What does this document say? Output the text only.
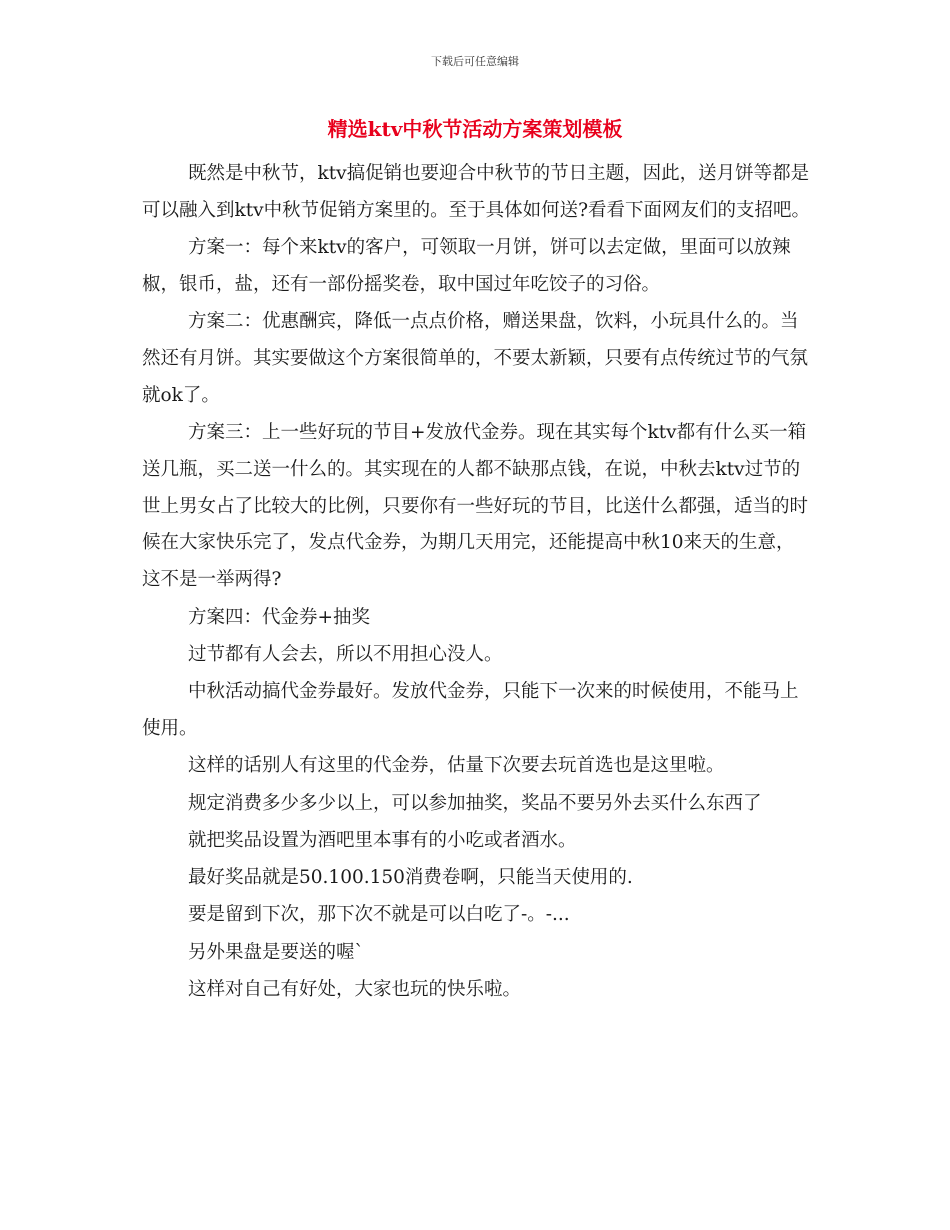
下载后可任意编辑
精选ktv中秋节活动方案策划模板

既然是中秋节，ktv搞促销也要迎合中秋节的节日主题，因此，送月饼等都是可以融入到ktv中秋节促销方案里的。至于具体如何送?看看下面网友们的支招吧。

方案一：每个来ktv的客户，可领取一月饼，饼可以去定做，里面可以放辣椒，银币，盐，还有一部份摇奖卷，取中国过年吃饺子的习俗。

方案二：优惠酬宾，降低一点点价格，赠送果盘，饮料，小玩具什么的。当然还有月饼。其实要做这个方案很简单的，不要太新颖，只要有点传统过节的气氛就ok了。

方案三：上一些好玩的节目+发放代金券。现在其实每个ktv都有什么买一箱送几瓶，买二送一什么的。其实现在的人都不缺那点钱，在说，中秋去ktv过节的世上男女占了比较大的比例，只要你有一些好玩的节目，比送什么都强，适当的时候在大家快乐完了，发点代金券，为期几天用完，还能提高中秋10来天的生意，这不是一举两得?

方案四：代金券+抽奖

过节都有人会去，所以不用担心没人。

中秋活动搞代金券最好。发放代金券，只能下一次来的时候使用，不能马上使用。

这样的话别人有这里的代金券，估量下次要去玩首选也是这里啦。

规定消费多少多少以上，可以参加抽奖，奖品不要另外去买什么东西了

就把奖品设置为酒吧里本事有的小吃或者酒水。

最好奖品就是50.100.150消费卷啊，只能当天使用的.

要是留到下次，那下次不就是可以白吃了-。-...

另外果盘是要送的喔`

这样对自己有好处，大家也玩的快乐啦。
